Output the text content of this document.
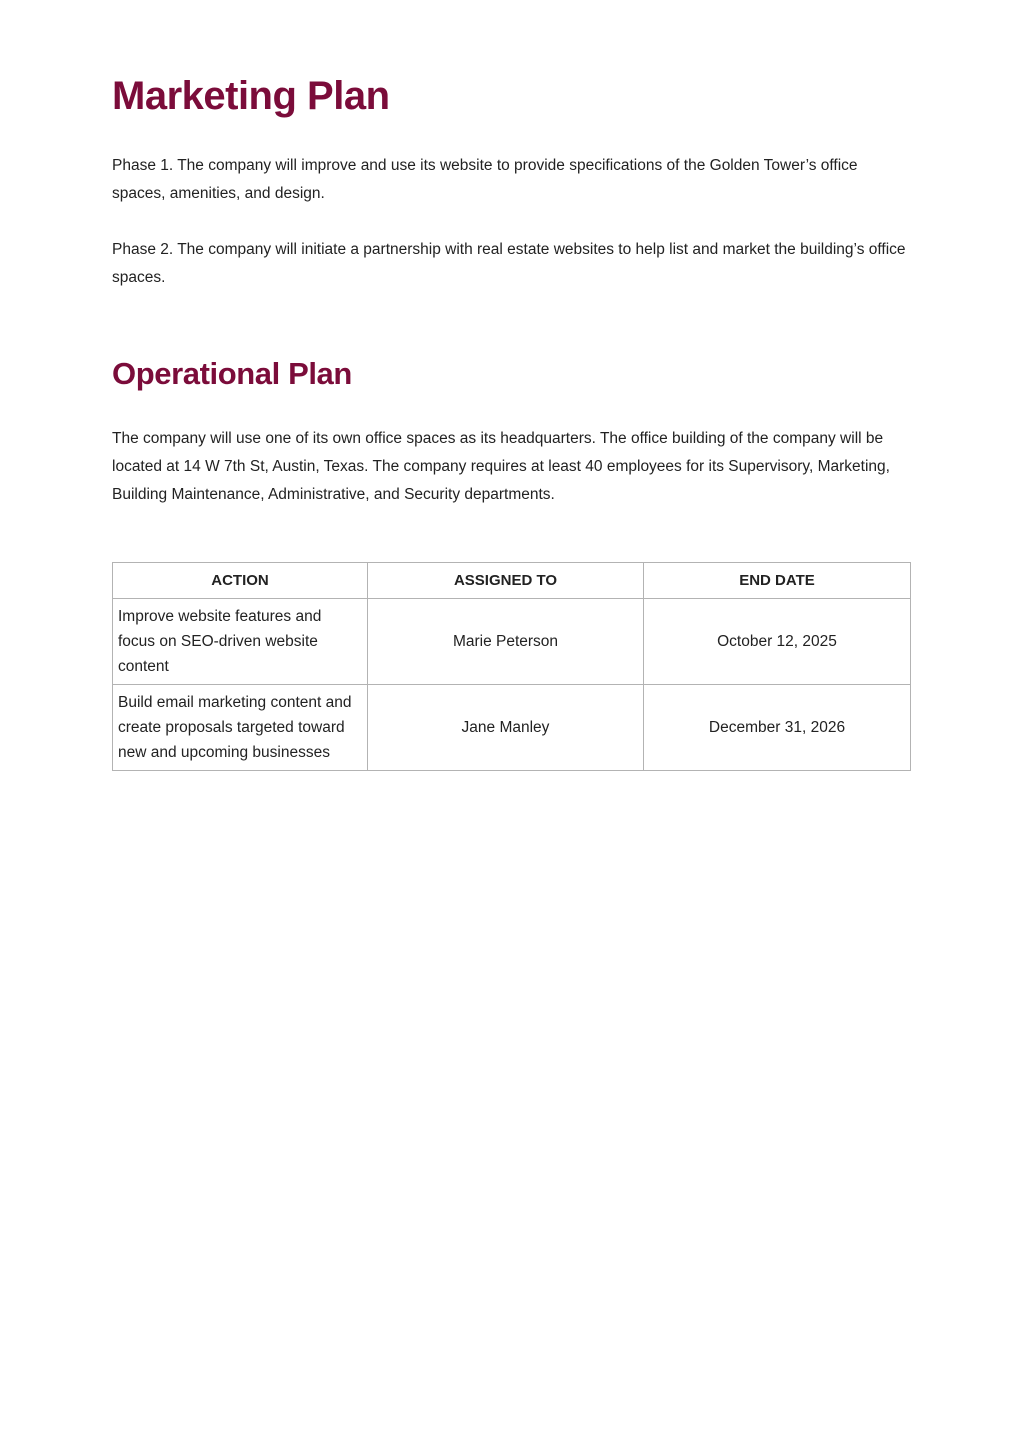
Marketing Plan

Phase 1. The company will improve and use its website to provide specifications of the Golden Tower’s office spaces, amenities, and design.

Phase 2. The company will initiate a partnership with real estate websites to help list and market the building’s office spaces.

Operational Plan

The company will use one of its own office spaces as its headquarters. The office building of the company will be located at 14 W 7th St, Austin, Texas. The company requires at least 40 employees for its Supervisory, Marketing, Building Maintenance, Administrative, and Security departments.

ACTION	ASSIGNED TO	END DATE
Improve website features and focus on SEO-driven website content	Marie Peterson	October 12, 2025
Build email marketing content and create proposals targeted toward new and upcoming businesses	Jane Manley	December 31, 2026
